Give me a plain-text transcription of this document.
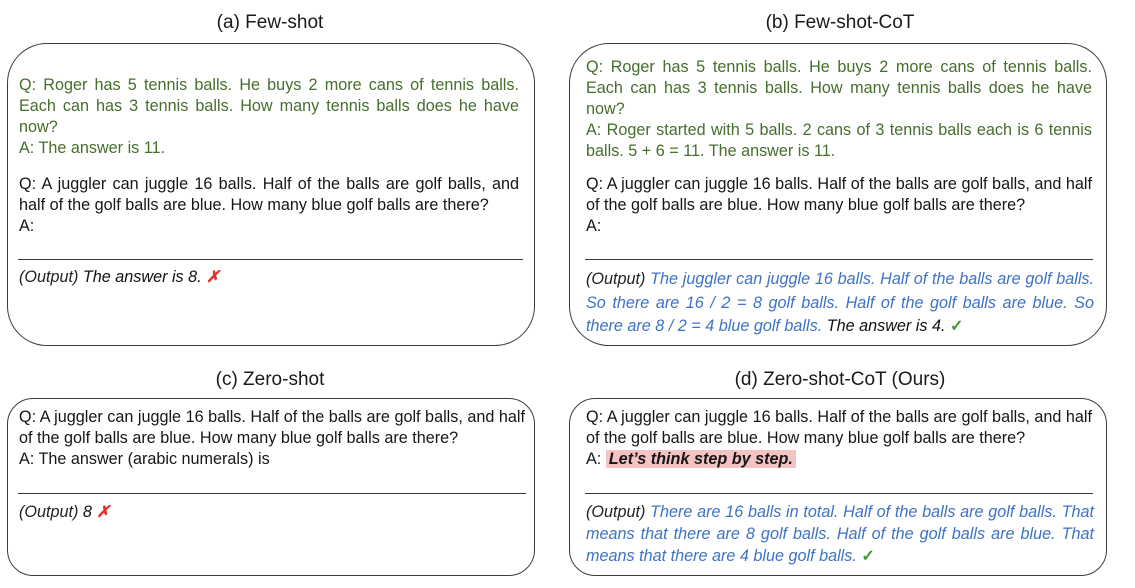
(a) Few-shot

Q: Roger has 5 tennis balls. He buys 2 more cans of tennis balls. Each can has 3 tennis balls. How many tennis balls does he have now?

A: The answer is 11.

Q: A juggler can juggle 16 balls. Half of the balls are golf balls, and half of the golf balls are blue. How many blue golf balls are there?

A:

(Output) The answer is 8. ✗
(b) Few-shot-CoT

Q: Roger has 5 tennis balls. He buys 2 more cans of tennis balls. Each can has 3 tennis balls. How many tennis balls does he have now?

A: Roger started with 5 balls. 2 cans of 3 tennis balls each is 6 tennis balls. 5 + 6 = 11. The answer is 11.

Q: A juggler can juggle 16 balls. Half of the balls are golf balls, and half of the golf balls are blue. How many blue golf balls are there?

A:

(Output) The juggler can juggle 16 balls. Half of the balls are golf balls. So there are 16 / 2 = 8 golf balls. Half of the golf balls are blue. So there are 8 / 2 = 4 blue golf balls. The answer is 4. ✓
(c) Zero-shot

Q: A juggler can juggle 16 balls. Half of the balls are golf balls, and half of the golf balls are blue. How many blue golf balls are there?

A: The answer (arabic numerals) is

(Output) 8 ✗
(d) Zero-shot-CoT (Ours)

Q: A juggler can juggle 16 balls. Half of the balls are golf balls, and half of the golf balls are blue. How many blue golf balls are there?

A: Let’s think step by step.

(Output) There are 16 balls in total. Half of the balls are golf balls. That means that there are 8 golf balls. Half of the golf balls are blue. That means that there are 4 blue golf balls. ✓
